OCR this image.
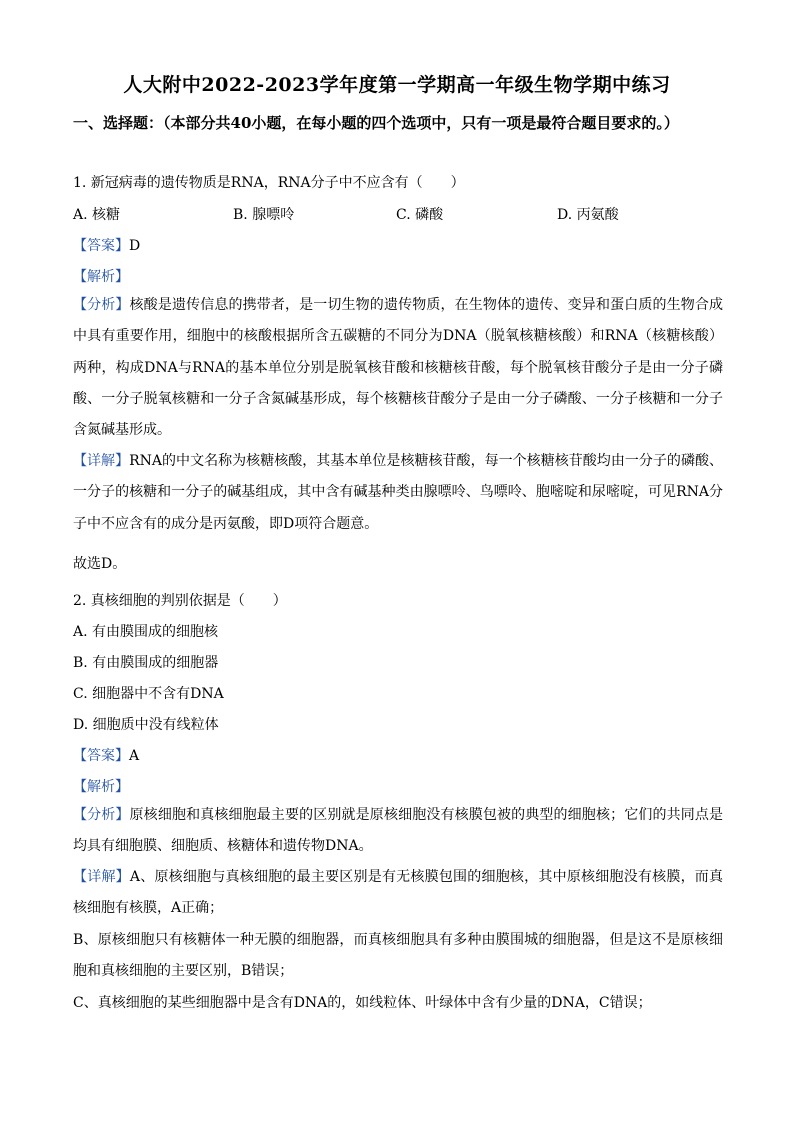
人大附中2022-2023学年度第一学期高一年级生物学期中练习
一、选择题：（本部分共40小题，在每小题的四个选项中，只有一项是最符合题目要求的。）
1. 新冠病毒的遗传物质是RNA，RNA分子中不应含有（　　）
A. 核糖	B. 腺嘌呤	C. 磷酸	D. 丙氨酸
【答案】D
【解析】
【分析】核酸是遗传信息的携带者，是一切生物的遗传物质，在生物体的遗传、变异和蛋白质的生物合成中具有重要作用，细胞中的核酸根据所含五碳糖的不同分为DNA（脱氧核糖核酸）和RNA（核糖核酸）两种，构成DNA与RNA的基本单位分别是脱氧核苷酸和核糖核苷酸，每个脱氧核苷酸分子是由一分子磷酸、一分子脱氧核糖和一分子含氮碱基形成，每个核糖核苷酸分子是由一分子磷酸、一分子核糖和一分子含氮碱基形成。
【详解】RNA的中文名称为核糖核酸，其基本单位是核糖核苷酸，每一个核糖核苷酸均由一分子的磷酸、一分子的核糖和一分子的碱基组成，其中含有碱基种类由腺嘌呤、鸟嘌呤、胞嘧啶和尿嘧啶，可见RNA分子中不应含有的成分是丙氨酸，即D项符合题意。
故选D。
2. 真核细胞的判别依据是（　　）
A. 有由膜围成的细胞核
B. 有由膜围成的细胞器
C. 细胞器中不含有DNA
D. 细胞质中没有线粒体
【答案】A
【解析】
【分析】原核细胞和真核细胞最主要的区别就是原核细胞没有核膜包被的典型的细胞核；它们的共同点是均具有细胞膜、细胞质、核糖体和遗传物DNA。
【详解】A、原核细胞与真核细胞的最主要区别是有无核膜包围的细胞核，其中原核细胞没有核膜，而真核细胞有核膜，A正确；
B、原核细胞只有核糖体一种无膜的细胞器，而真核细胞具有多种由膜围城的细胞器，但是这不是原核细胞和真核细胞的主要区别，B错误；
C、真核细胞的某些细胞器中是含有DNA的，如线粒体、叶绿体中含有少量的DNA，C错误；
